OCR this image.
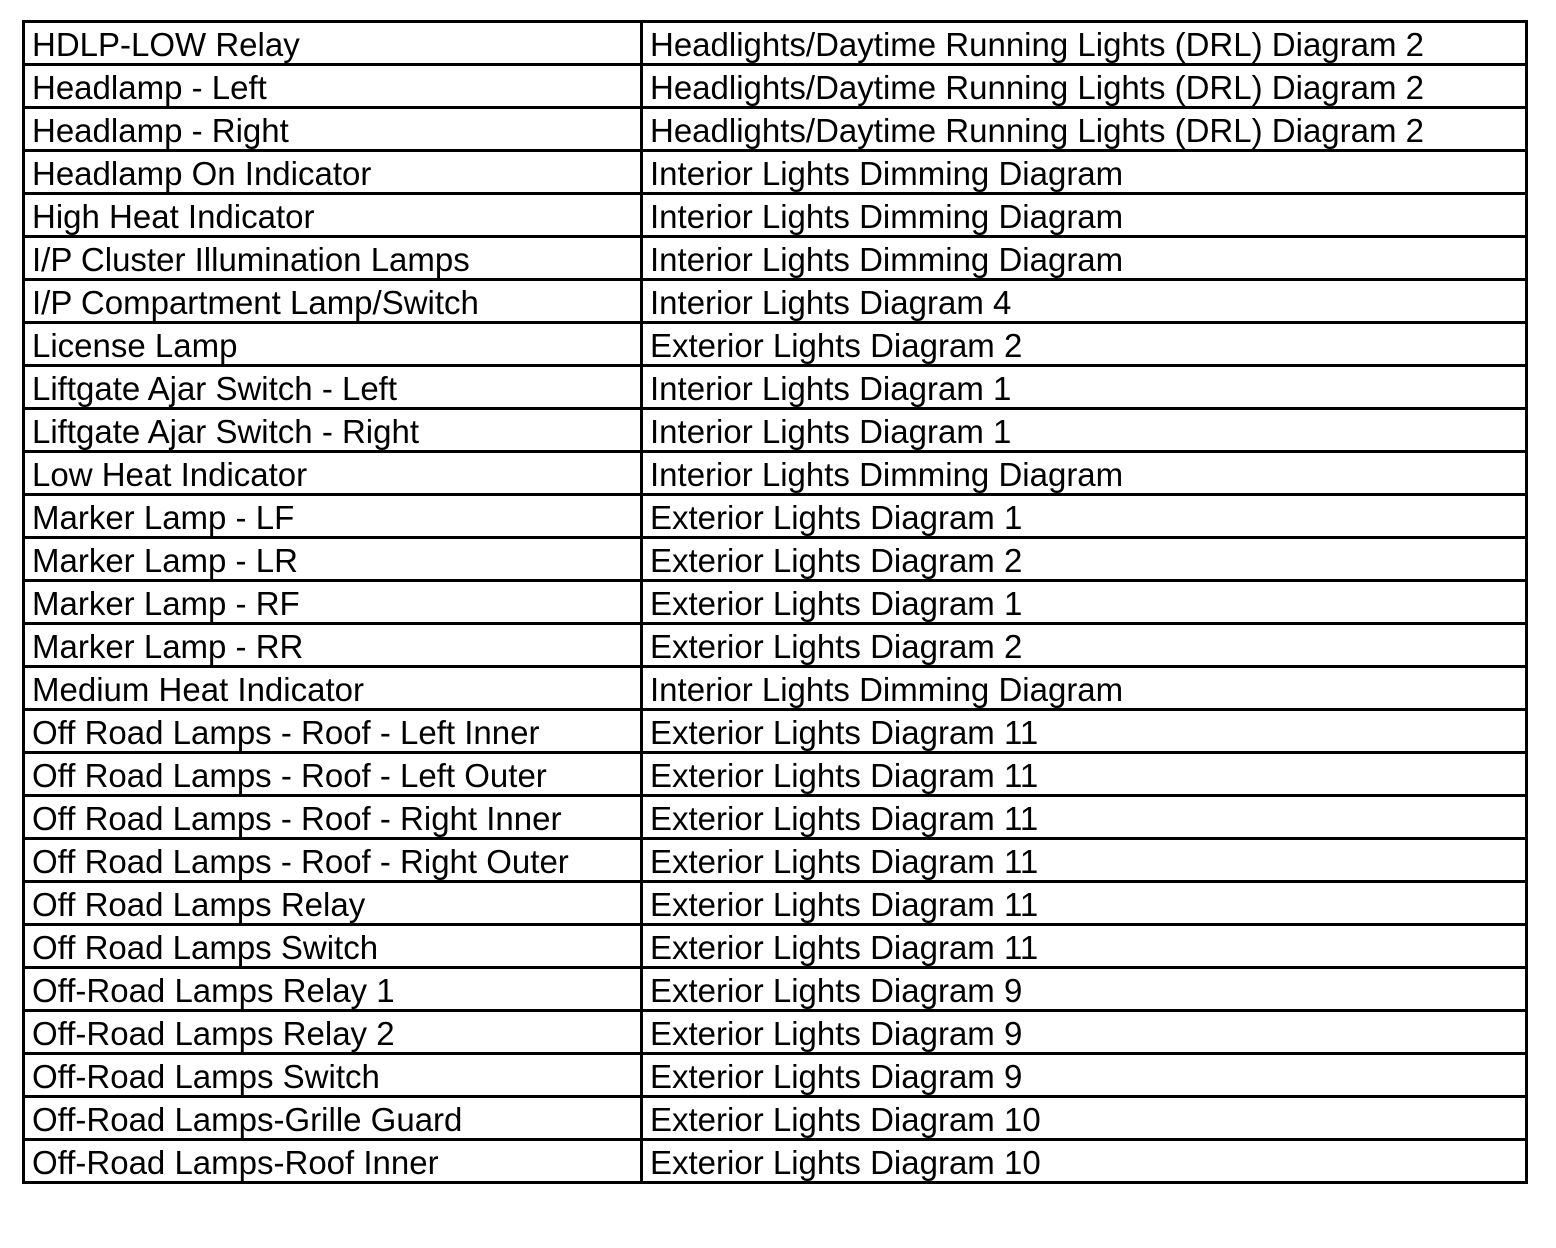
HDLP-LOW Relay	Headlights/Daytime Running Lights (DRL) Diagram 2
Headlamp - Left	Headlights/Daytime Running Lights (DRL) Diagram 2
Headlamp - Right	Headlights/Daytime Running Lights (DRL) Diagram 2
Headlamp On Indicator	Interior Lights Dimming Diagram
High Heat Indicator	Interior Lights Dimming Diagram
I/P Cluster Illumination Lamps	Interior Lights Dimming Diagram
I/P Compartment Lamp/Switch	Interior Lights Diagram 4
License Lamp	Exterior Lights Diagram 2
Liftgate Ajar Switch - Left	Interior Lights Diagram 1
Liftgate Ajar Switch - Right	Interior Lights Diagram 1
Low Heat Indicator	Interior Lights Dimming Diagram
Marker Lamp - LF	Exterior Lights Diagram 1
Marker Lamp - LR	Exterior Lights Diagram 2
Marker Lamp - RF	Exterior Lights Diagram 1
Marker Lamp - RR	Exterior Lights Diagram 2
Medium Heat Indicator	Interior Lights Dimming Diagram
Off Road Lamps - Roof - Left Inner	Exterior Lights Diagram 11
Off Road Lamps - Roof - Left Outer	Exterior Lights Diagram 11
Off Road Lamps - Roof - Right Inner	Exterior Lights Diagram 11
Off Road Lamps - Roof - Right Outer	Exterior Lights Diagram 11
Off Road Lamps Relay	Exterior Lights Diagram 11
Off Road Lamps Switch	Exterior Lights Diagram 11
Off-Road Lamps Relay 1	Exterior Lights Diagram 9
Off-Road Lamps Relay 2	Exterior Lights Diagram 9
Off-Road Lamps Switch	Exterior Lights Diagram 9
Off-Road Lamps-Grille Guard	Exterior Lights Diagram 10
Off-Road Lamps-Roof Inner	Exterior Lights Diagram 10
